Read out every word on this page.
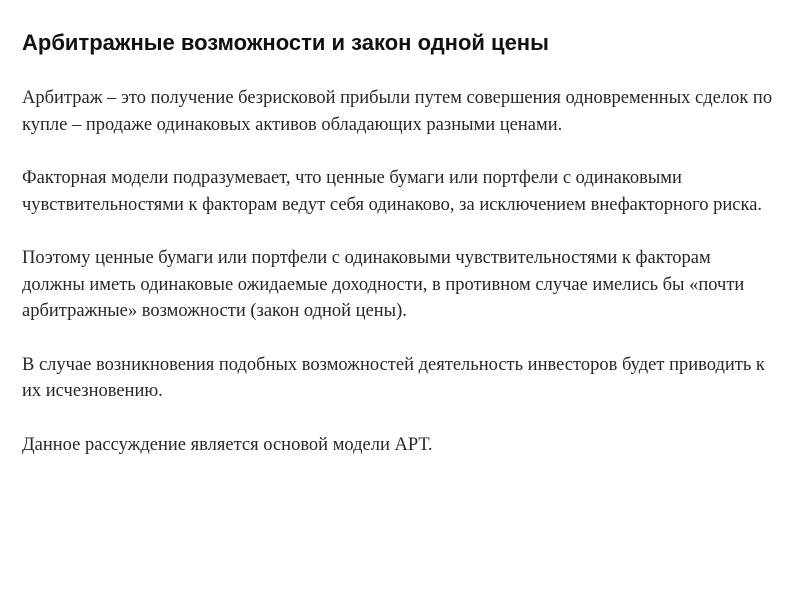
Арбитражные возможности и закон одной цены

Арбитраж – это получение безрисковой прибыли путем совершения одновременных сделок по купле – продаже одинаковых активов обладающих разными ценами.

Факторная модели подразумевает, что ценные бумаги или портфели с одинаковыми чувствительностями к факторам ведут себя одинаково, за исключением внефакторного риска.

Поэтому ценные бумаги или портфели с одинаковыми чувствительностями к факторам должны иметь одинаковые ожидаемые доходности, в противном случае имелись бы «почти арбитражные» возможности (закон одной цены).

В случае возникновения подобных возможностей деятельность инвесторов будет приводить к их исчезновению.

Данное рассуждение является основой модели АРТ.
